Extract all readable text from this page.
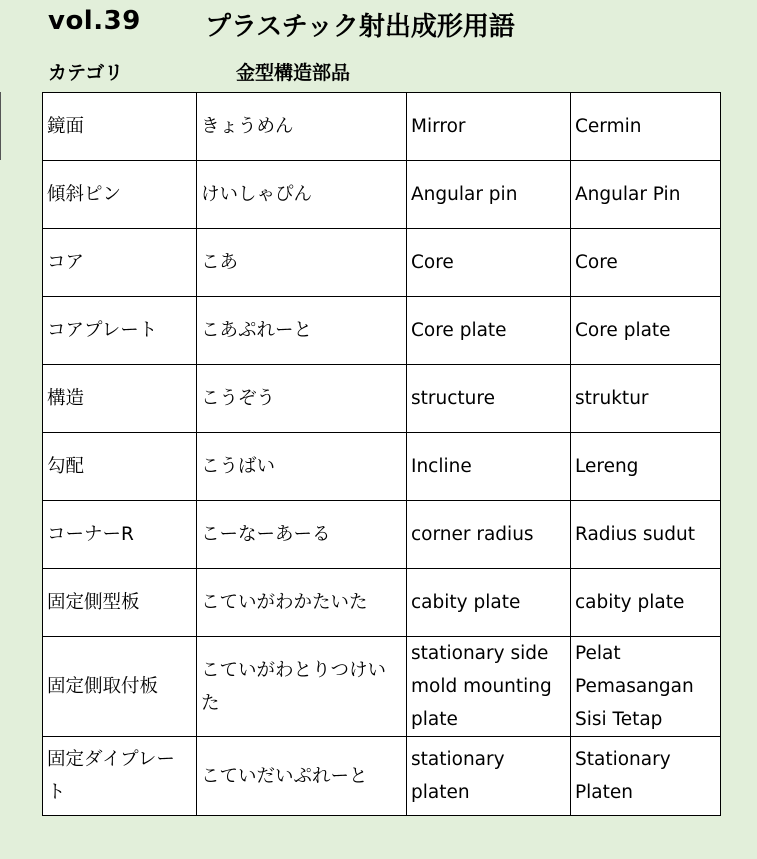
vol.39 プラスチック射出成形用語
カテゴリ	金型構造部品
鏡面	きょうめん	Mirror	Cermin
傾斜ピン	けいしゃぴん	Angular pin	Angular Pin
コア	こあ	Core	Core
コアプレート	こあぷれーと	Core plate	Core plate
構造	こうぞう	structure	struktur
勾配	こうばい	Incline	Lereng
コーナーR	こーなーあーる	corner radius	Radius sudut
固定側型板	こていがわかたいた	cabity plate	cabity plate
固定側取付板	こていがわとりつけいた	stationary side mold mounting plate	Pelat Pemasangan Sisi Tetap
固定ダイプレート	こていだいぷれーと	stationary platen	Stationary Platen
